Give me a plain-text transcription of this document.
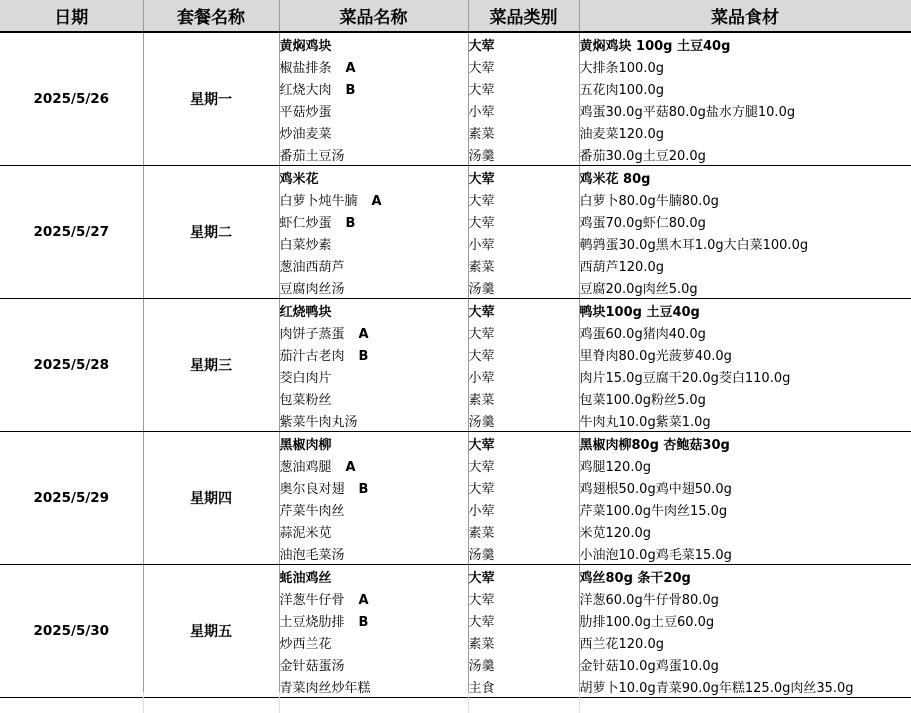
日期	套餐名称	菜品名称	菜品类别	菜品食材
2025/5/26	星期一	黄焖鸡块	大荤	黄焖鸡块 100g 土豆40g
		椒盐排条 A	大荤	大排条100.0g
		红烧大肉 B	大荤	五花肉100.0g
		平菇炒蛋	小荤	鸡蛋30.0g平菇80.0g盐水方腿10.0g
		炒油麦菜	素菜	油麦菜120.0g
		番茄土豆汤	汤羹	番茄30.0g土豆20.0g
2025/5/27	星期二	鸡米花	大荤	鸡米花 80g
		白萝卜炖牛腩 A	大荤	白萝卜80.0g牛腩80.0g
		虾仁炒蛋 B	大荤	鸡蛋70.0g虾仁80.0g
		白菜炒素	小荤	鹌鹑蛋30.0g黑木耳1.0g大白菜100.0g
		葱油西葫芦	素菜	西葫芦120.0g
		豆腐肉丝汤	汤羹	豆腐20.0g肉丝5.0g
2025/5/28	星期三	红烧鸭块	大荤	鸭块100g 土豆40g
		肉饼子蒸蛋 A	大荤	鸡蛋60.0g猪肉40.0g
		茄汁古老肉 B	大荤	里脊肉80.0g光菠萝40.0g
		茭白肉片	小荤	肉片15.0g豆腐干20.0g茭白110.0g
		包菜粉丝	素菜	包菜100.0g粉丝5.0g
		紫菜牛肉丸汤	汤羹	牛肉丸10.0g紫菜1.0g
2025/5/29	星期四	黑椒肉柳	大荤	黑椒肉柳80g 杏鲍菇30g
		葱油鸡腿 A	大荤	鸡腿120.0g
		奥尔良对翅 B	大荤	鸡翅根50.0g鸡中翅50.0g
		芹菜牛肉丝	小荤	芹菜100.0g牛肉丝15.0g
		蒜泥米苋	素菜	米苋120.0g
		油泡毛菜汤	汤羹	小油泡10.0g鸡毛菜15.0g
2025/5/30	星期五	蚝油鸡丝	大荤	鸡丝80g 条干20g
		洋葱牛仔骨 A	大荤	洋葱60.0g牛仔骨80.0g
		土豆烧肋排 B	大荤	肋排100.0g土豆60.0g
		炒西兰花	素菜	西兰花120.0g
		金针菇蛋汤	汤羹	金针菇10.0g鸡蛋10.0g
		青菜肉丝炒年糕	主食	胡萝卜10.0g青菜90.0g年糕125.0g肉丝35.0g
